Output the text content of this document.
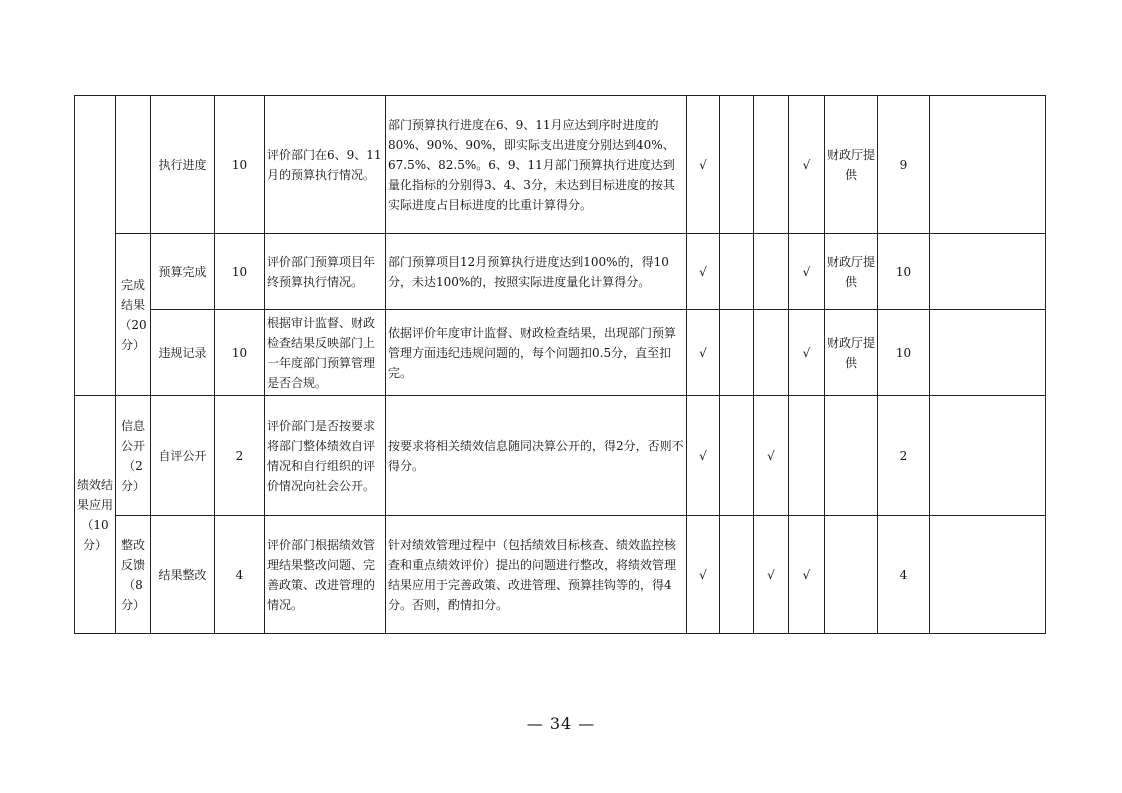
		执行进度	10	评价部门在6、9、11月的预算执行情况。	部门预算执行进度在6、9、11月应达到序时进度的80%、90%、90%，即实际支出进度分别达到40%、67.5%、82.5%。6、9、11月部门预算执行进度达到量化指标的分别得3、4、3分，未达到目标进度的按其实际进度占目标进度的比重计算得分。	√			√	财政厅提供	9	
	完成结果（20分）	预算完成	10	评价部门预算项目年终预算执行情况。	部门预算项目12月预算执行进度达到100%的，得10分，未达100%的，按照实际进度量化计算得分。	√			√	财政厅提供	10	
		违规记录	10	根据审计监督、财政检查结果反映部门上一年度部门预算管理是否合规。	依据评价年度审计监督、财政检查结果，出现部门预算管理方面违纪违规问题的，每个问题扣0.5分，直至扣完。	√			√	财政厅提供	10	
绩效结果应用（10分）	信息公开（2分）	自评公开	2	评价部门是否按要求将部门整体绩效自评情况和自行组织的评价情况向社会公开。	按要求将相关绩效信息随同决算公开的，得2分，否则不得分。	√		√			2	
	整改反馈（8分）	结果整改	4	评价部门根据绩效管理结果整改问题、完善政策、改进管理的情况。	针对绩效管理过程中（包括绩效目标核查、绩效监控核查和重点绩效评价）提出的问题进行整改，将绩效管理结果应用于完善政策、改进管理、预算挂钩等的，得4分。否则，酌情扣分。	√		√	√		4	
— 34 —
